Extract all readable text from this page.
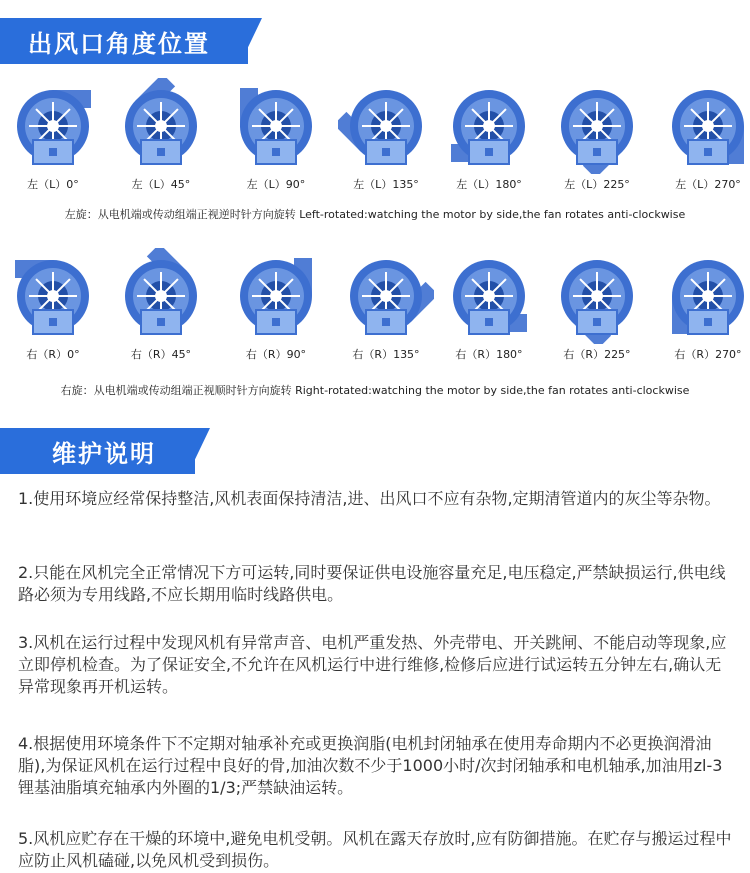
出风口角度位置
左（L）0°	左（L）45°	左（L）90°	左（L）135°	左（L）180°	左（L）225°	左（L）270°
左旋：从电机端或传动组端正视逆时针方向旋转 Left-rotated:watching the motor by side,the fan rotates anti-clockwise
右（R）0°	右（R）45°	右（R）90°	右（R）135°	右（R）180°	右（R）225°	右（R）270°
右旋：从电机端或传动组端正视顺时针方向旋转 Right-rotated:watching the motor by side,the fan rotates anti-clockwise
维护说明
1.使用环境应经常保持整洁,风机表面保持清洁,进、出风口不应有杂物,定期清管道内的灰尘等杂物。
2.只能在风机完全正常情况下方可运转,同时要保证供电设施容量充足,电压稳定,严禁缺损运行,供电线路必须为专用线路,不应长期用临时线路供电。
3.风机在运行过程中发现风机有异常声音、电机严重发热、外壳带电、开关跳闸、不能启动等现象,应立即停机检查。为了保证安全,不允许在风机运行中进行维修,检修后应进行试运转五分钟左右,确认无异常现象再开机运转。
4.根据使用环境条件下不定期对轴承补充或更换润脂(电机封闭轴承在使用寿命期内不必更换润滑油脂),为保证风机在运行过程中良好的骨,加油次数不少于1000小时/次封闭轴承和电机轴承,加油用zl-3锂基油脂填充轴承内外圈的1/3;严禁缺油运转。
5.风机应贮存在干燥的环境中,避免电机受朝。风机在露天存放时,应有防御措施。在贮存与搬运过程中应防止风机磕碰,以免风机受到损伤。
